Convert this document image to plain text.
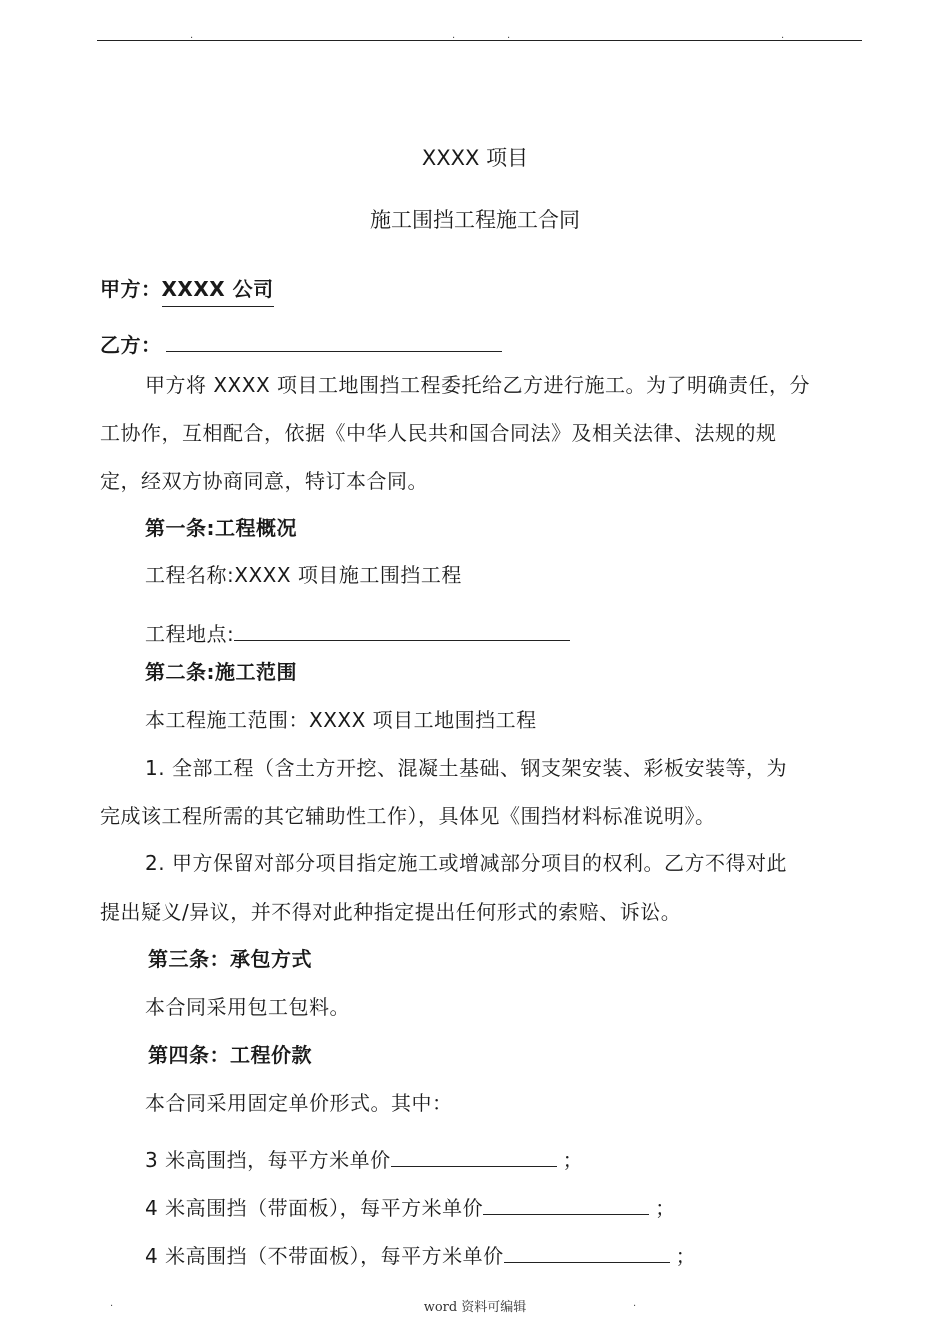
.	.	.	.
XXXX 项目
施工围挡工程施工合同
甲方：XXXX 公司
乙方：
甲方将 XXXX 项目工地围挡工程委托给乙方进行施工。为了明确责任，分
工协作，互相配合，依据《中华人民共和国合同法》及相关法律、法规的规
定，经双方协商同意，特订本合同。
第一条:工程概况
工程名称:XXXX 项目施工围挡工程
工程地点:
第二条:施工范围
本工程施工范围：XXXX 项目工地围挡工程
1. 全部工程（含土方开挖、混凝土基础、钢支架安装、彩板安装等，为
完成该工程所需的其它辅助性工作），具体见《围挡材料标准说明》。
2. 甲方保留对部分项目指定施工或增减部分项目的权利。乙方不得对此
提出疑义/异议，并不得对此种指定提出任何形式的索赔、诉讼。
第三条：承包方式
本合同采用包工包料。
第四条：工程价款
本合同采用固定单价形式。其中：
3 米高围挡，每平方米单价	；
4 米高围挡（带面板），每平方米单价	；
4 米高围挡（不带面板），每平方米单价	；
.	word 资料可编辑	.
